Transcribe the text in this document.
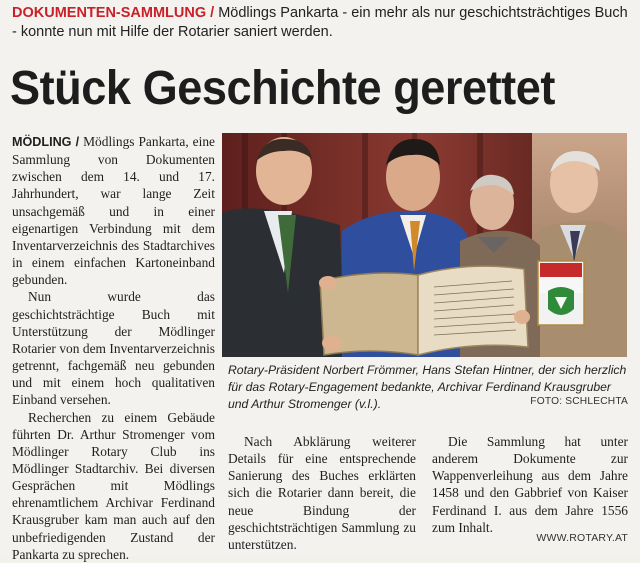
DOKUMENTEN-SAMMLUNG / Mödlings Pankarta - ein mehr als nur geschichtsträchtiges Buch - konnte nun mit Hilfe der Rotarier saniert werden.
Stück Geschichte gerettet

MÖDLING / Mödlings Pankarta, eine Sammlung von Dokumenten zwischen dem 14. und 17. Jahrhundert, war lange Zeit unsachgemäß und in einer eigenartigen Verbindung mit dem Inventarverzeichnis des Stadtarchives in einem einfachen Kartoneinband gebunden.

Nun wurde das geschichtsträchtige Buch mit Unterstützung der Mödlinger Rotarier von dem Inventarverzeichnis getrennt, fachgemäß neu gebunden und mit einem hoch qualitativen Einband versehen.

Recherchen zu einem Gebäude führten Dr. Arthur Stromenger vom Mödlinger Rotary Club ins Mödlinger Stadtarchiv. Bei diversen Gesprächen mit Mödlings ehrenamtlichem Archivar Ferdinand Krausgruber kam man auch auf den unbefriedigenden Zustand der Pankarta zu sprechen.

Rotary-Präsident Norbert Frömmer, Hans Stefan Hintner, der sich herzlich für das Rotary-Engagement bedankte, Archivar Ferdinand Krausgruber und Arthur Stromenger (v.l.).	FOTO: SCHLECHTA

Nach Abklärung weiterer Details für eine entsprechende Sanierung des Buches erklärten sich die Rotarier dann bereit, die neue Bindung der geschichtsträchtigen Sammlung zu unterstützen.

Die Sammlung hat unter anderem Dokumente zur Wappenverleihung aus dem Jahre 1458 und den Gabbrief von Kaiser Ferdinand I. aus dem Jahre 1556 zum Inhalt.

WWW.ROTARY.AT
